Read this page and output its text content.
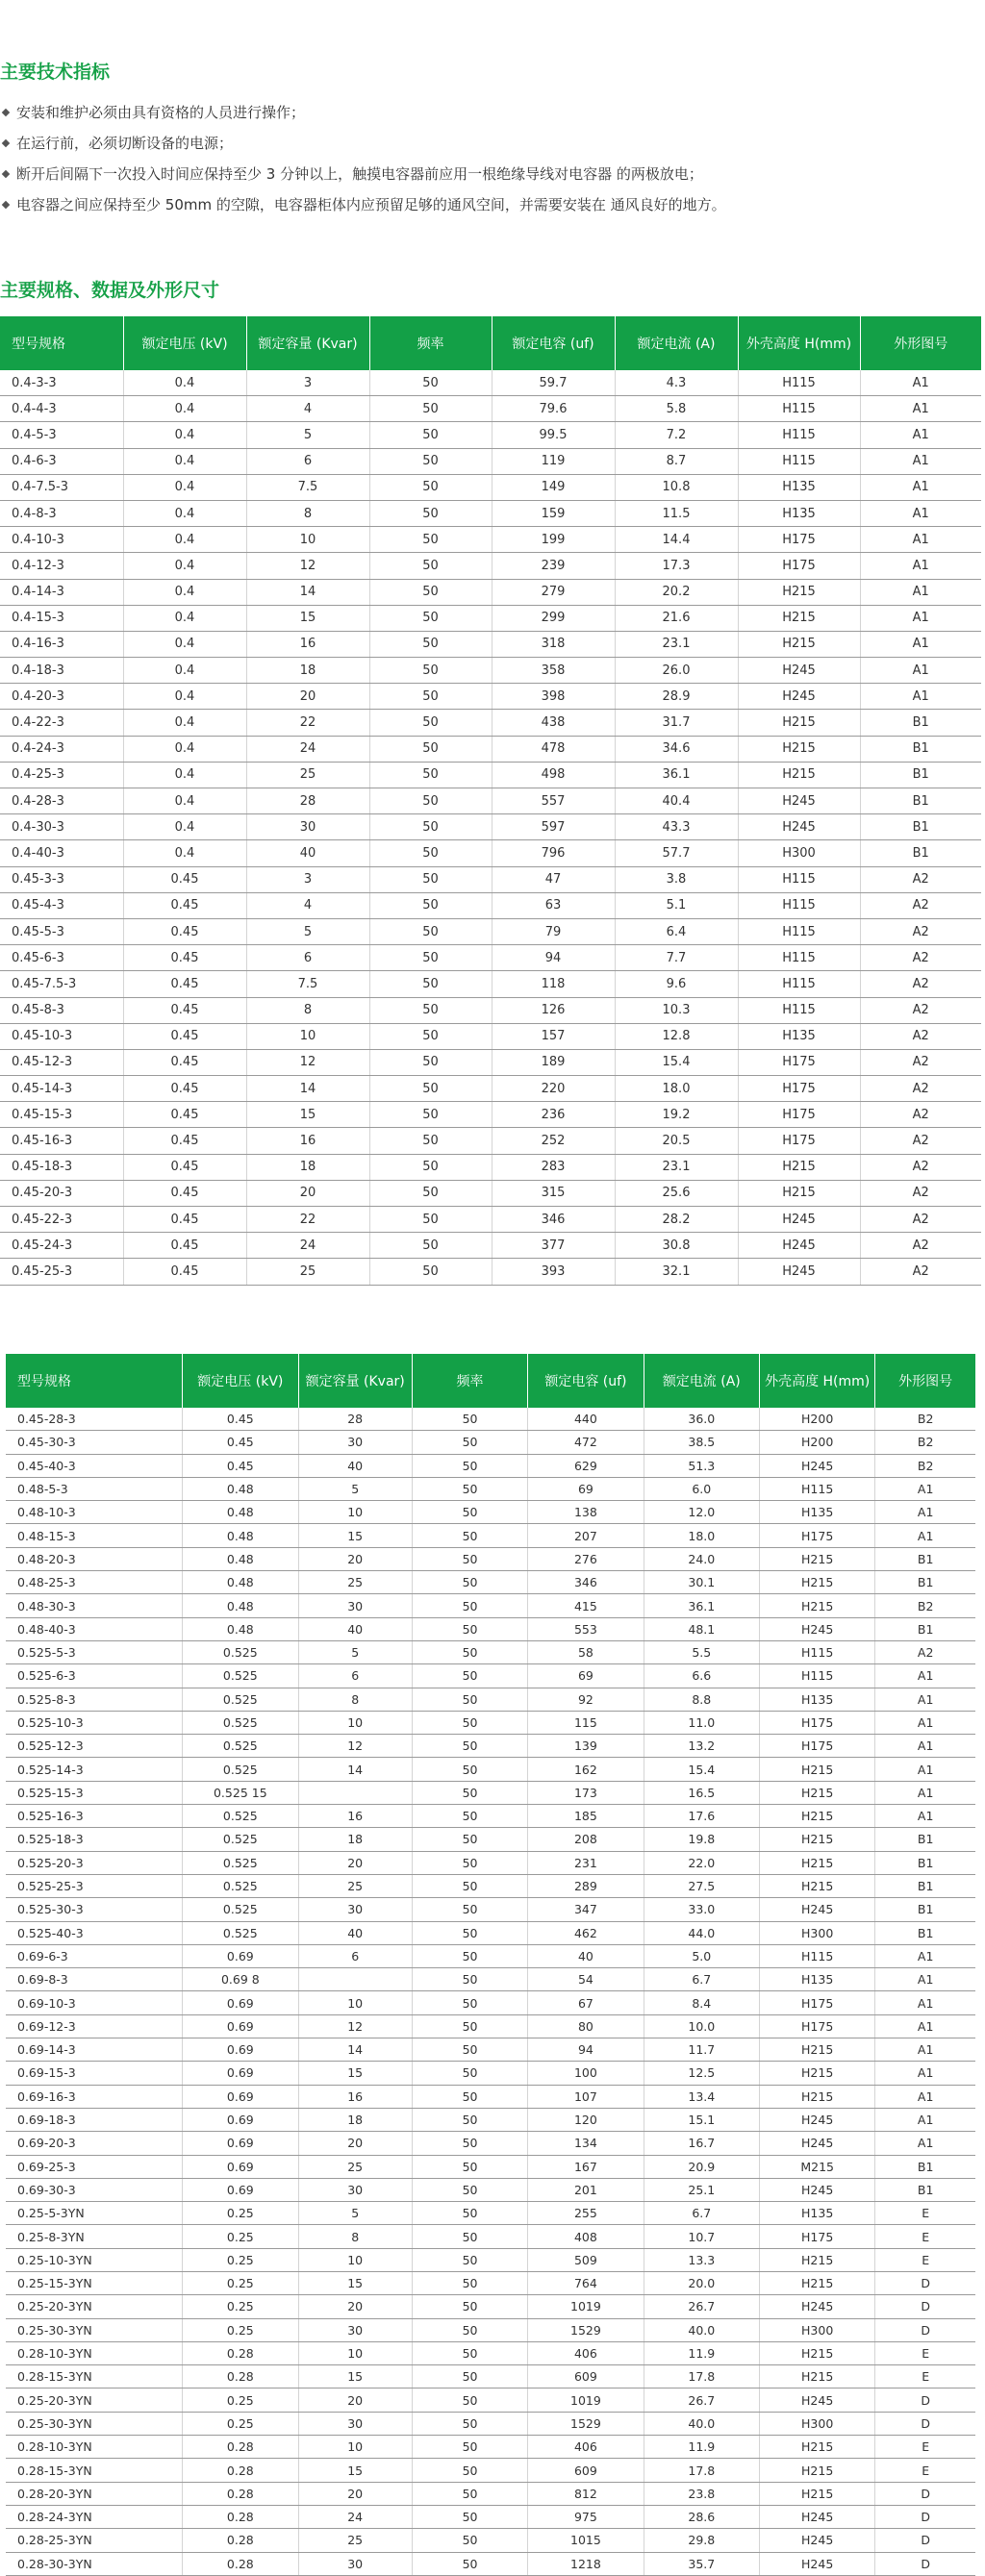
主要技术指标
安装和维护必须由具有资格的人员进行操作；
在运行前，必须切断设备的电源；
断开后间隔下一次投入时间应保持至少 3 分钟以上，触摸电容器前应用一根绝缘导线对电容器 的两极放电；
电容器之间应保持至少 50mm 的空隙，电容器柜体内应预留足够的通风空间，并需要安装在 通风良好的地方。
主要规格、数据及外形尺寸
型号规格	额定电压 (kV)	额定容量 (Kvar)	频率	额定电容 (uf)	额定电流 (A)	外壳高度 H(mm)	外形图号
0.4-3-3	0.4	3	50	59.7	4.3	H115	A1
0.4-4-3	0.4	4	50	79.6	5.8	H115	A1
0.4-5-3	0.4	5	50	99.5	7.2	H115	A1
0.4-6-3	0.4	6	50	119	8.7	H115	A1
0.4-7.5-3	0.4	7.5	50	149	10.8	H135	A1
0.4-8-3	0.4	8	50	159	11.5	H135	A1
0.4-10-3	0.4	10	50	199	14.4	H175	A1
0.4-12-3	0.4	12	50	239	17.3	H175	A1
0.4-14-3	0.4	14	50	279	20.2	H215	A1
0.4-15-3	0.4	15	50	299	21.6	H215	A1
0.4-16-3	0.4	16	50	318	23.1	H215	A1
0.4-18-3	0.4	18	50	358	26.0	H245	A1
0.4-20-3	0.4	20	50	398	28.9	H245	A1
0.4-22-3	0.4	22	50	438	31.7	H215	B1
0.4-24-3	0.4	24	50	478	34.6	H215	B1
0.4-25-3	0.4	25	50	498	36.1	H215	B1
0.4-28-3	0.4	28	50	557	40.4	H245	B1
0.4-30-3	0.4	30	50	597	43.3	H245	B1
0.4-40-3	0.4	40	50	796	57.7	H300	B1
0.45-3-3	0.45	3	50	47	3.8	H115	A2
0.45-4-3	0.45	4	50	63	5.1	H115	A2
0.45-5-3	0.45	5	50	79	6.4	H115	A2
0.45-6-3	0.45	6	50	94	7.7	H115	A2
0.45-7.5-3	0.45	7.5	50	118	9.6	H115	A2
0.45-8-3	0.45	8	50	126	10.3	H115	A2
0.45-10-3	0.45	10	50	157	12.8	H135	A2
0.45-12-3	0.45	12	50	189	15.4	H175	A2
0.45-14-3	0.45	14	50	220	18.0	H175	A2
0.45-15-3	0.45	15	50	236	19.2	H175	A2
0.45-16-3	0.45	16	50	252	20.5	H175	A2
0.45-18-3	0.45	18	50	283	23.1	H215	A2
0.45-20-3	0.45	20	50	315	25.6	H215	A2
0.45-22-3	0.45	22	50	346	28.2	H245	A2
0.45-24-3	0.45	24	50	377	30.8	H245	A2
0.45-25-3	0.45	25	50	393	32.1	H245	A2
型号规格	额定电压 (kV)	额定容量 (Kvar)	频率	额定电容 (uf)	额定电流 (A)	外壳高度 H(mm)	外形图号
0.45-28-3	0.45	28	50	440	36.0	H200	B2
0.45-30-3	0.45	30	50	472	38.5	H200	B2
0.45-40-3	0.45	40	50	629	51.3	H245	B2
0.48-5-3	0.48	5	50	69	6.0	H115	A1
0.48-10-3	0.48	10	50	138	12.0	H135	A1
0.48-15-3	0.48	15	50	207	18.0	H175	A1
0.48-20-3	0.48	20	50	276	24.0	H215	B1
0.48-25-3	0.48	25	50	346	30.1	H215	B1
0.48-30-3	0.48	30	50	415	36.1	H215	B2
0.48-40-3	0.48	40	50	553	48.1	H245	B1
0.525-5-3	0.525	5	50	58	5.5	H115	A2
0.525-6-3	0.525	6	50	69	6.6	H115	A1
0.525-8-3	0.525	8	50	92	8.8	H135	A1
0.525-10-3	0.525	10	50	115	11.0	H175	A1
0.525-12-3	0.525	12	50	139	13.2	H175	A1
0.525-14-3	0.525	14	50	162	15.4	H215	A1
0.525-15-3	0.525 15		50	173	16.5	H215	A1
0.525-16-3	0.525	16	50	185	17.6	H215	A1
0.525-18-3	0.525	18	50	208	19.8	H215	B1
0.525-20-3	0.525	20	50	231	22.0	H215	B1
0.525-25-3	0.525	25	50	289	27.5	H215	B1
0.525-30-3	0.525	30	50	347	33.0	H245	B1
0.525-40-3	0.525	40	50	462	44.0	H300	B1
0.69-6-3	0.69	6	50	40	5.0	H115	A1
0.69-8-3	0.69 8		50	54	6.7	H135	A1
0.69-10-3	0.69	10	50	67	8.4	H175	A1
0.69-12-3	0.69	12	50	80	10.0	H175	A1
0.69-14-3	0.69	14	50	94	11.7	H215	A1
0.69-15-3	0.69	15	50	100	12.5	H215	A1
0.69-16-3	0.69	16	50	107	13.4	H215	A1
0.69-18-3	0.69	18	50	120	15.1	H245	A1
0.69-20-3	0.69	20	50	134	16.7	H245	A1
0.69-25-3	0.69	25	50	167	20.9	M215	B1
0.69-30-3	0.69	30	50	201	25.1	H245	B1
0.25-5-3YN	0.25	5	50	255	6.7	H135	E
0.25-8-3YN	0.25	8	50	408	10.7	H175	E
0.25-10-3YN	0.25	10	50	509	13.3	H215	E
0.25-15-3YN	0.25	15	50	764	20.0	H215	D
0.25-20-3YN	0.25	20	50	1019	26.7	H245	D
0.25-30-3YN	0.25	30	50	1529	40.0	H300	D
0.28-10-3YN	0.28	10	50	406	11.9	H215	E
0.28-15-3YN	0.28	15	50	609	17.8	H215	E
0.25-20-3YN	0.25	20	50	1019	26.7	H245	D
0.25-30-3YN	0.25	30	50	1529	40.0	H300	D
0.28-10-3YN	0.28	10	50	406	11.9	H215	E
0.28-15-3YN	0.28	15	50	609	17.8	H215	E
0.28-20-3YN	0.28	20	50	812	23.8	H215	D
0.28-24-3YN	0.28	24	50	975	28.6	H245	D
0.28-25-3YN	0.28	25	50	1015	29.8	H245	D
0.28-30-3YN	0.28	30	50	1218	35.7	H245	D
